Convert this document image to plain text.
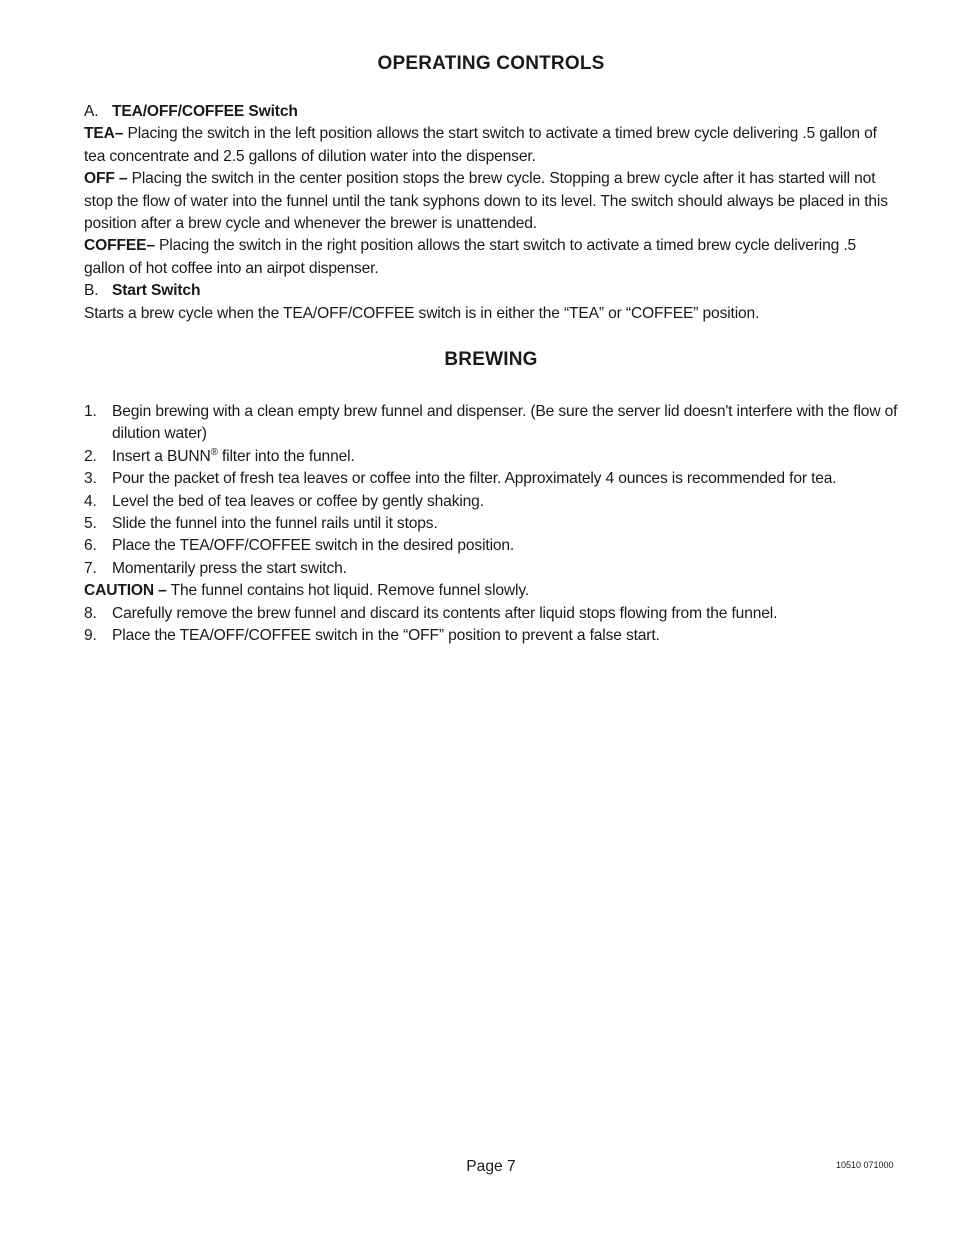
OPERATING CONTROLS

A. TEA/OFF/COFFEE Switch

TEA– Placing the switch in the left position allows the start switch to activate a timed brew cycle delivering .5 gallon of tea concentrate and 2.5 gallons of dilution water into the dispenser.

OFF – Placing the switch in the center position stops the brew cycle. Stopping a brew cycle after it has started will not stop the flow of water into the funnel until the tank syphons down to its level. The switch should always be placed in this position after a brew cycle and whenever the brewer is unattended.

COFFEE– Placing the switch in the right position allows the start switch to activate a timed brew cycle delivering .5 gallon of hot coffee into an airpot dispenser.

B. Start Switch

Starts a brew cycle when the TEA/OFF/COFFEE switch is in either the “TEA” or “COFFEE” position.

BREWING
1. Begin brewing with a clean empty brew funnel and dispenser. (Be sure the server lid doesn't interfere with the flow of dilution water)
2. Insert a BUNN® filter into the funnel.
3. Pour the packet of fresh tea leaves or coffee into the filter. Approximately 4 ounces is recommended for tea.
4. Level the bed of tea leaves or coffee by gently shaking.
5. Slide the funnel into the funnel rails until it stops.
6. Place the TEA/OFF/COFFEE switch in the desired position.
7. Momentarily press the start switch.

CAUTION – The funnel contains hot liquid. Remove funnel slowly.

8. Carefully remove the brew funnel and discard its contents after liquid stops flowing from the funnel.
9. Place the TEA/OFF/COFFEE switch in the “OFF” position to prevent a false start.
Page 7	10510 071000
